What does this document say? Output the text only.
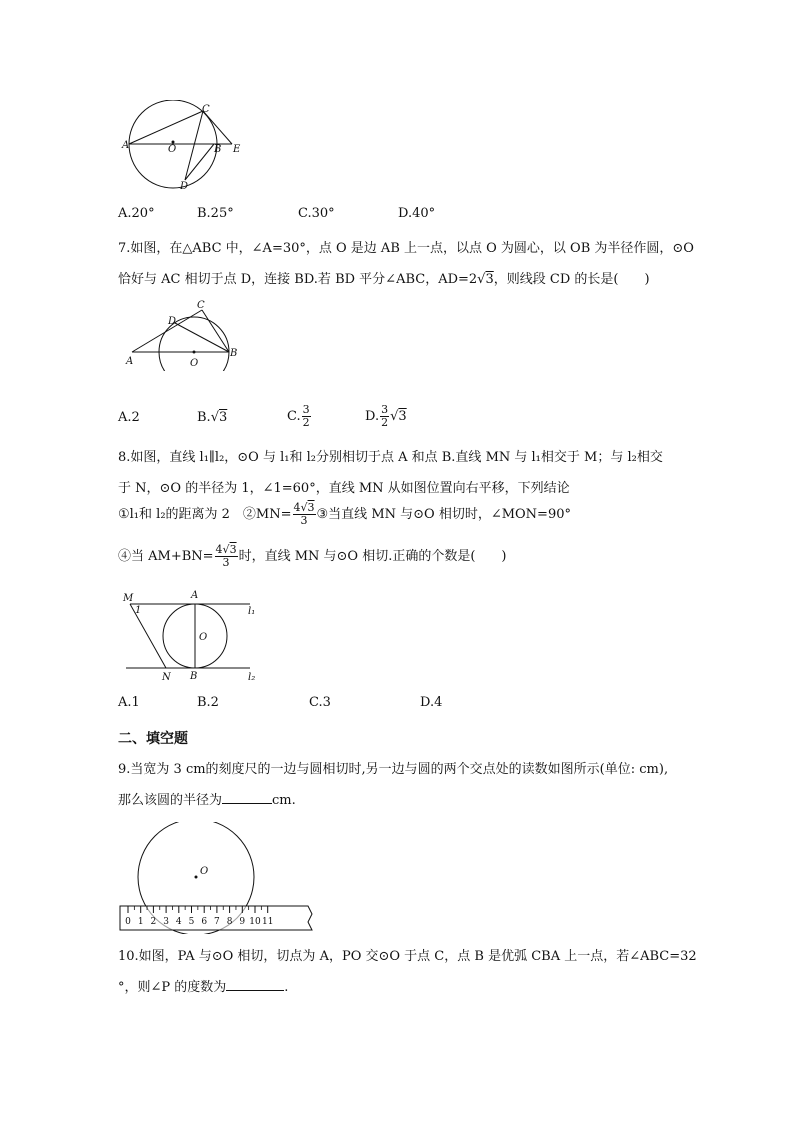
A	O
C
B E
D
A.20°	B.25°	C.30°	D.40°
7.如图，在△ABC 中，∠A=30°，点 O 是边 AB 上一点，以点 O 为圆心，以 OB 为半径作圆，⊙O
恰好与 AC 相切于点 D，连接 BD.若 BD 平分∠ABC，AD=2√3，则线段 CD 的长是(　　)
A
C
D
B
O
A.2	B.√3	C. $\frac{3}{2}$	D. $\frac{3}{2} √3$
8.如图，直线 l₁∥l₂，⊙O 与 l₁和 l₂分别相切于点 A 和点 B.直线 MN 与 l₁相交于 M；与 l₂相交
于 N，⊙O 的半径为 1，∠1=60°，直线 MN 从如图位置向右平移，下列结论
①l₁和 l₂的距离为 2　②MN= $\frac{4√3}{3}$ ③当直线 MN 与⊙O 相切时，∠MON=90°
④当 $AM+BN= \frac{4√3}{3}$ 时，直线 MN 与⊙O 相切.正确的个数是(　　)
M
1
A
O
l₁
N B	l₂
A.1	B.2	C.3	D.4
二、填空题
9.当宽为 3 cm的刻度尺的一边与圆相切时,另一边与圆的两个交点处的读数如图所示(单位: cm),
那么该圆的半径为	cm.
O
0 1 2 3 4 5 6 7 8 9 10 11
10.如图，PA 与⊙O 相切，切点为 A，PO 交⊙O 于点 C，点 B 是优弧 CBA 上一点，若∠ABC=32
°，则∠P 的度数为	.
